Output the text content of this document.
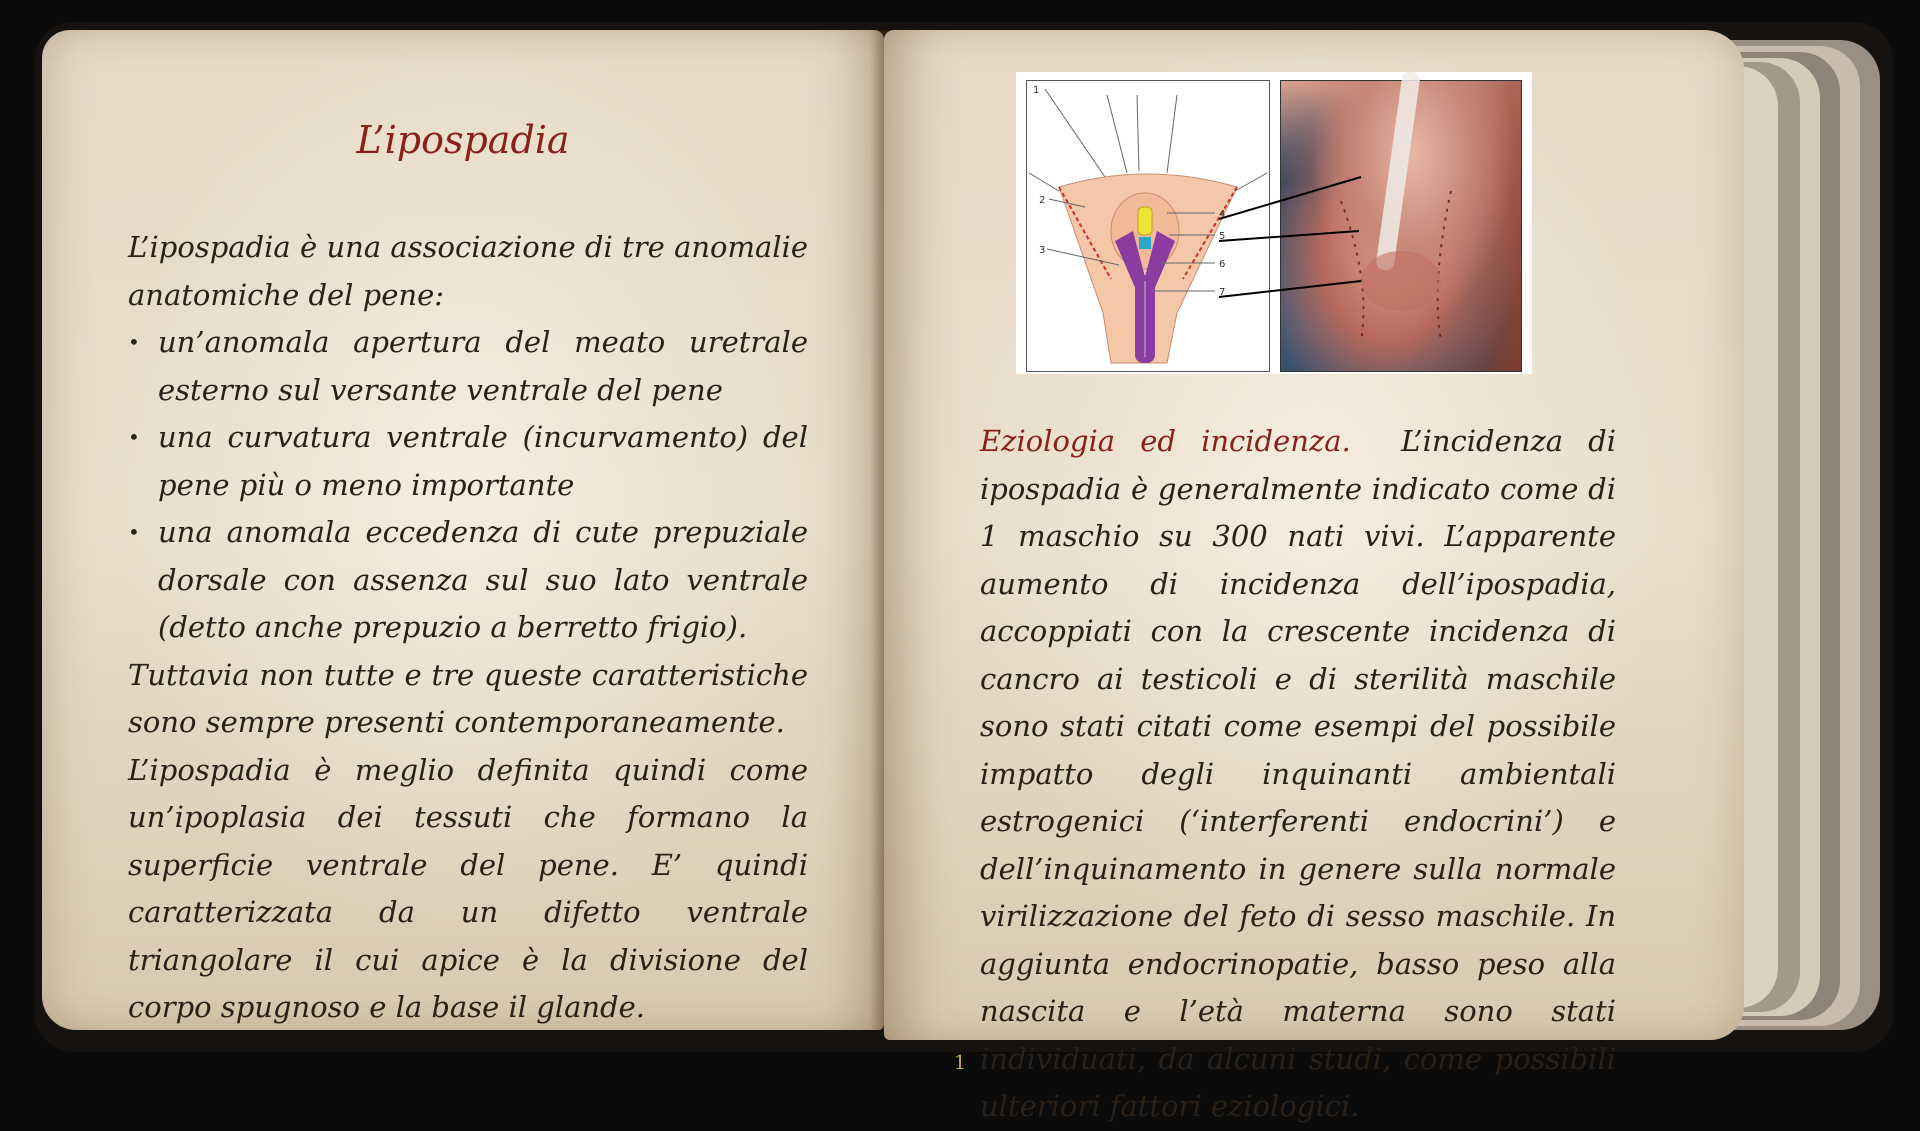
L’ipospadia

L’ipospadia è una associazione di tre anomalie anatomiche del pene:

• un’anomala apertura del meato uretrale esterno sul versante ventrale del pene
• una curvatura ventrale (incurvamento) del pene più o meno importante
• una anomala eccedenza di cute prepuziale dorsale con assenza sul suo lato ventrale (detto anche prepuzio a berretto frigio).

Tuttavia non tutte e tre queste caratteristiche sono sempre presenti contemporaneamente.

L’ipospadia è meglio definita quindi come un’ipoplasia dei tessuti che formano la superficie ventrale del pene. E’ quindi caratterizzata da un difetto ventrale triangolare il cui apice è la divisione del corpo spugnoso e la base il glande.

1
2
3
4
5
6
7

Eziologia ed incidenza. L’incidenza di ipospadia è generalmente indicato come di 1 maschio su 300 nati vivi. L’apparente aumento di incidenza dell’ipospadia, accoppiati con la crescente incidenza di cancro ai testicoli e di sterilità maschile sono stati citati come esempi del possibile impatto degli inquinanti ambientali estrogenici (‘interferenti endocrini’) e dell’inquinamento in genere sulla normale virilizzazione del feto di sesso maschile. In aggiunta endocrinopatie, basso peso alla nascita e l’età materna sono stati individuati, da alcuni studi, come possibili ulteriori fattori eziologici.

1
